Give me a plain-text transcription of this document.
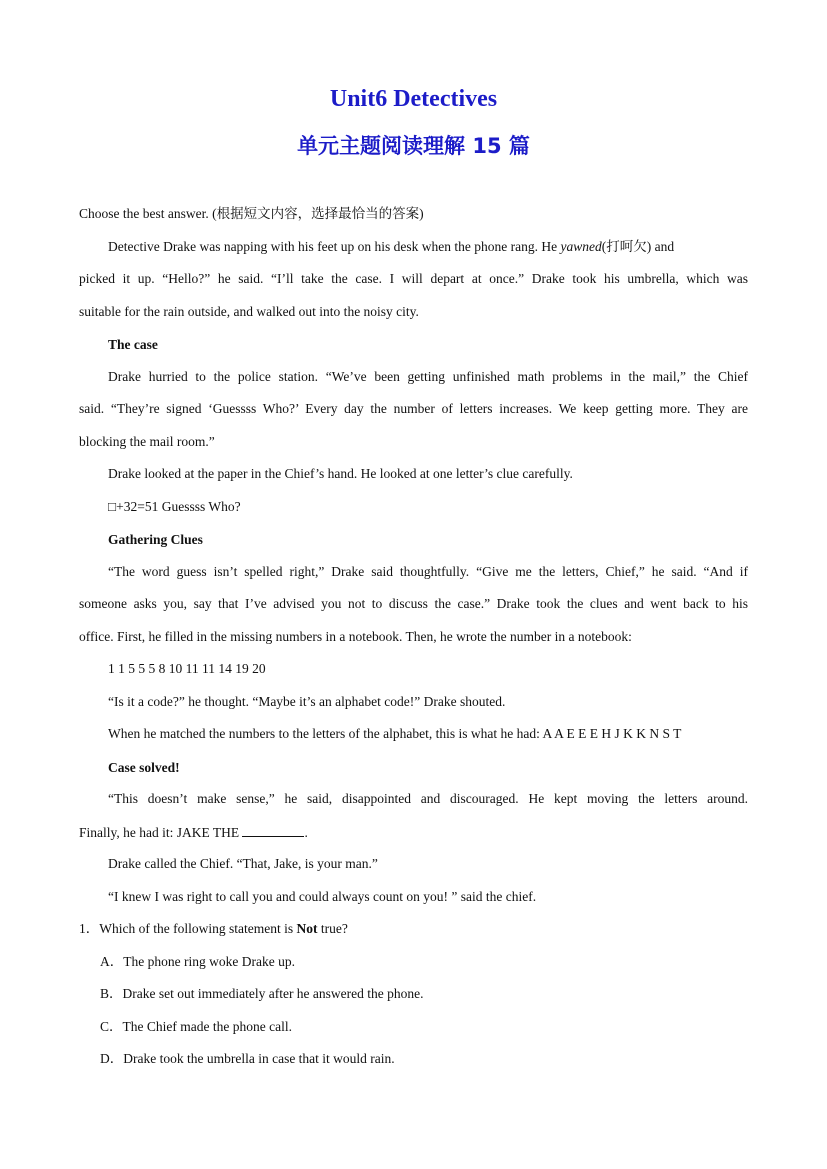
Unit6 Detectives
单元主题阅读理解 15 篇
Choose the best answer. (根据短文内容，选择最恰当的答案)
Detective Drake was napping with his feet up on his desk when the phone rang. He yawned(打呵欠) and
picked it up. “Hello?” he said. “I’ll take the case. I will depart at once.” Drake took his umbrella, which was
suitable for the rain outside, and walked out into the noisy city.
The case
Drake hurried to the police station. “We’ve been getting unfinished math problems in the mail,” the Chief
said. “They’re signed ‘Guessss Who?’ Every day the number of letters increases. We keep getting more. They are
blocking the mail room.”
Drake looked at the paper in the Chief’s hand. He looked at one letter’s clue carefully.
□+32=51 Guessss Who?
Gathering Clues
“The word guess isn’t spelled right,” Drake said thoughtfully. “Give me the letters, Chief,” he said. “And if
someone asks you, say that I’ve advised you not to discuss the case.” Drake took the clues and went back to his
office. First, he filled in the missing numbers in a notebook. Then, he wrote the number in a notebook:
1 1 5 5 5 8 10 11 11 14 19 20
“Is it a code?” he thought. “Maybe it’s an alphabet code!” Drake shouted.
When he matched the numbers to the letters of the alphabet, this is what he had: A A E E E H J K K N S T
Case solved!
“This doesn’t make sense,” he said, disappointed and discouraged. He kept moving the letters around.
Finally, he had it: JAKE THE	.
Drake called the Chief. “That, Jake, is your man.”
“I knew I was right to call you and could always count on you! ” said the chief.
1．Which of the following statement is Not true?
A．The phone ring woke Drake up.
B．Drake set out immediately after he answered the phone.
C．The Chief made the phone call.
D．Drake took the umbrella in case that it would rain.
